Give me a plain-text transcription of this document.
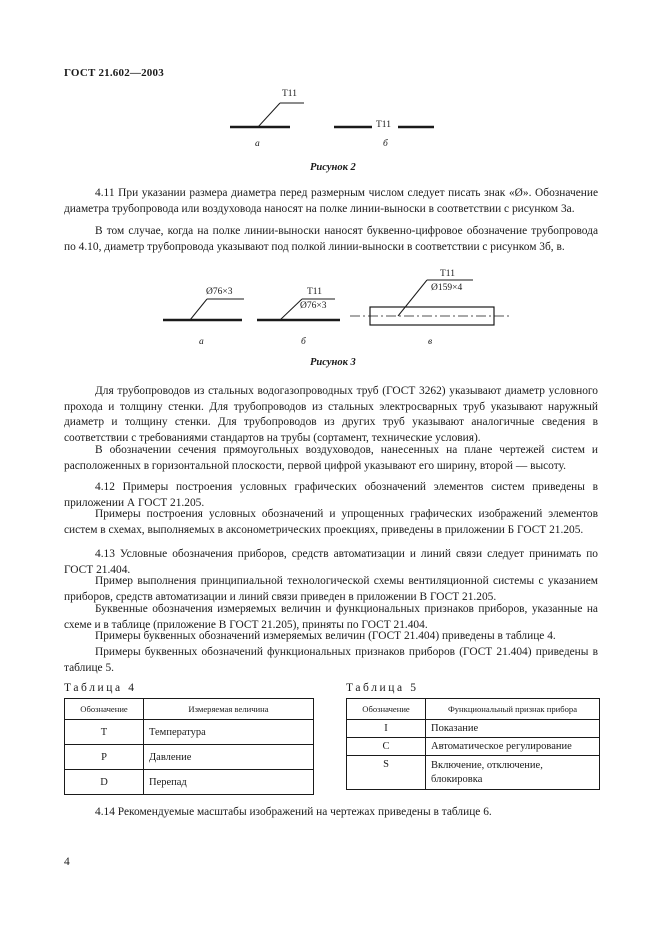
ГОСТ 21.602—2003
Т11
Т11
а	б
Рисунок 2
4.11 При указании размера диаметра перед размерным числом следует писать знак «Ø». Обозначение диаметра трубопровода или воздуховода наносят на полке линии-выноски в соответствии с рисунком 3а.
В том случае, когда на полке линии-выноски наносят буквенно-цифровое обозначение трубопровода по 4.10, диаметр трубопровода указывают под полкой линии-выноски в соответствии с рисунком 3б, в.
Ø76×3	Т11
Ø76×3
Т11
Ø159×4
а	б	в
Рисунок 3
Для трубопроводов из стальных водогазопроводных труб (ГОСТ 3262) указывают диаметр условного прохода и толщину стенки. Для трубопроводов из стальных электросварных труб указывают наружный диаметр и толщину стенки. Для трубопроводов из других труб указывают аналогичные сведения в соответствии с требованиями стандартов на трубы (сортамент, технические условия).
В обозначении сечения прямоугольных воздуховодов, нанесенных на плане чертежей систем и расположенных в горизонтальной плоскости, первой цифрой указывают его ширину, второй — высоту.
4.12 Примеры построения условных графических обозначений элементов систем приведены в приложении А ГОСТ 21.205.
Примеры построения условных обозначений и упрощенных графических изображений элементов систем в схемах, выполняемых в аксонометрических проекциях, приведены в приложении Б ГОСТ 21.205.
4.13 Условные обозначения приборов, средств автоматизации и линий связи следует принимать по ГОСТ 21.404.
Пример выполнения принципиальной технологической схемы вентиляционной системы с указанием приборов, средств автоматизации и линий связи приведен в приложении В ГОСТ 21.205.
Буквенные обозначения измеряемых величин и функциональных признаков приборов, указанные на схеме и в таблице (приложение В ГОСТ 21.205), приняты по ГОСТ 21.404.
Примеры буквенных обозначений измеряемых величин (ГОСТ 21.404) приведены в таблице 4.
Примеры буквенных обозначений функциональных признаков приборов (ГОСТ 21.404) приведены в таблице 5.
Таблица 4
Обозначение	Измеряемая величина
Т	Температура
Р	Давление
D	Перепад
Таблица 5
Обозначение	Функциональный признак прибора
I	Показание
C	Автоматическое регулирование
S	Включение, отключение, блокировка
4.14 Рекомендуемые масштабы изображений на чертежах приведены в таблице 6.
4
